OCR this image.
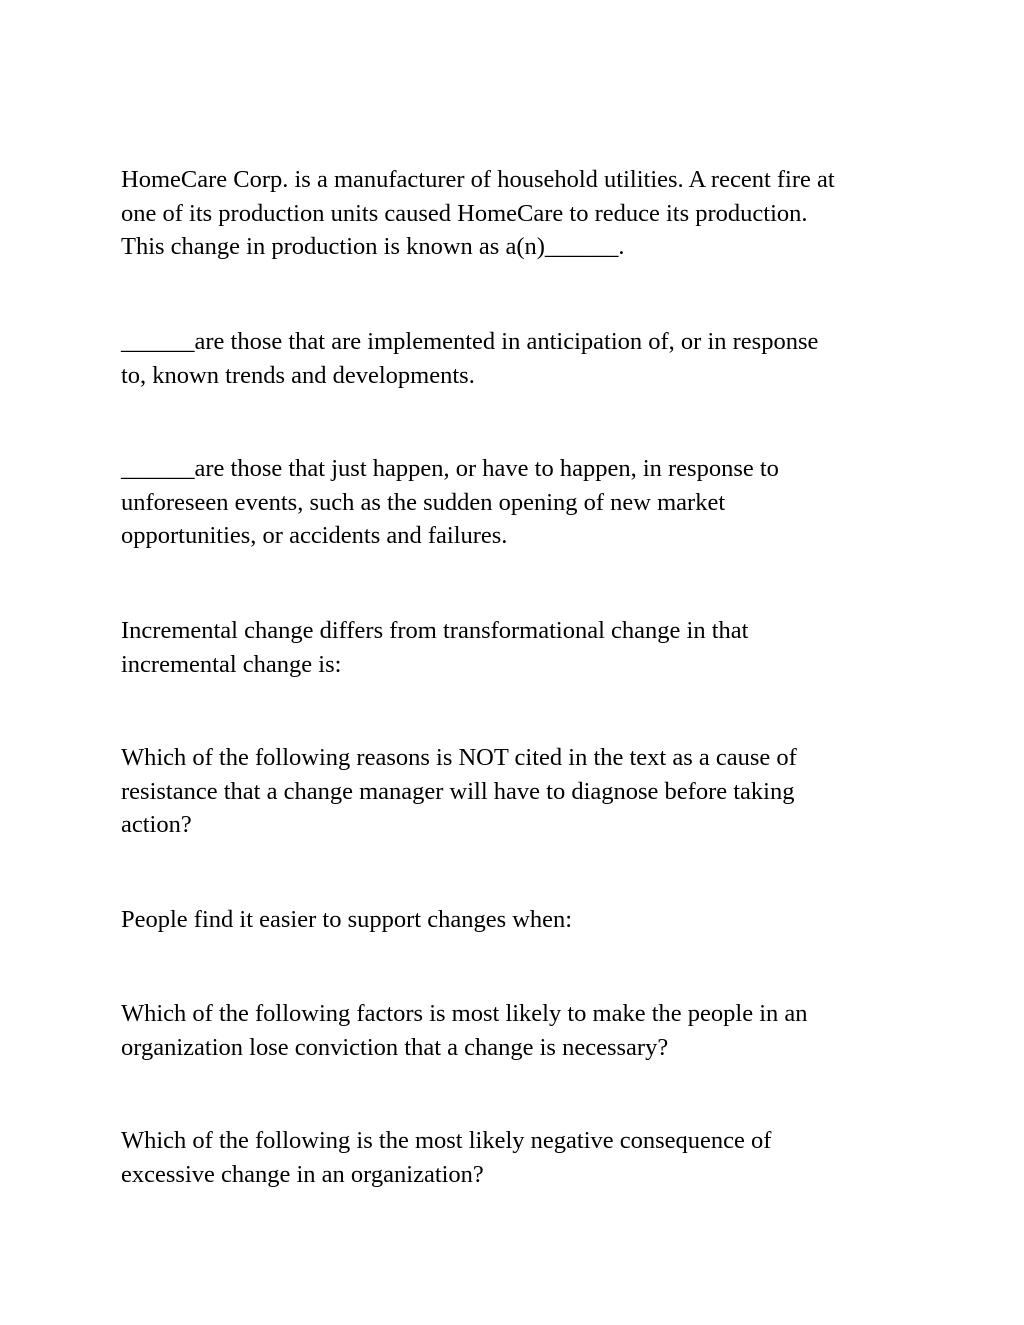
HomeCare Corp. is a manufacturer of household utilities. A recent fire at
one of its production units caused HomeCare to reduce its production.
This change in production is known as a(n)______.

______are those that are implemented in anticipation of, or in response
to, known trends and developments.

______are those that just happen, or have to happen, in response to
unforeseen events, such as the sudden opening of new market
opportunities, or accidents and failures.

Incremental change differs from transformational change in that
incremental change is:

Which of the following reasons is NOT cited in the text as a cause of
resistance that a change manager will have to diagnose before taking
action?

People find it easier to support changes when:

Which of the following factors is most likely to make the people in an
organization lose conviction that a change is necessary?

Which of the following is the most likely negative consequence of
excessive change in an organization?
